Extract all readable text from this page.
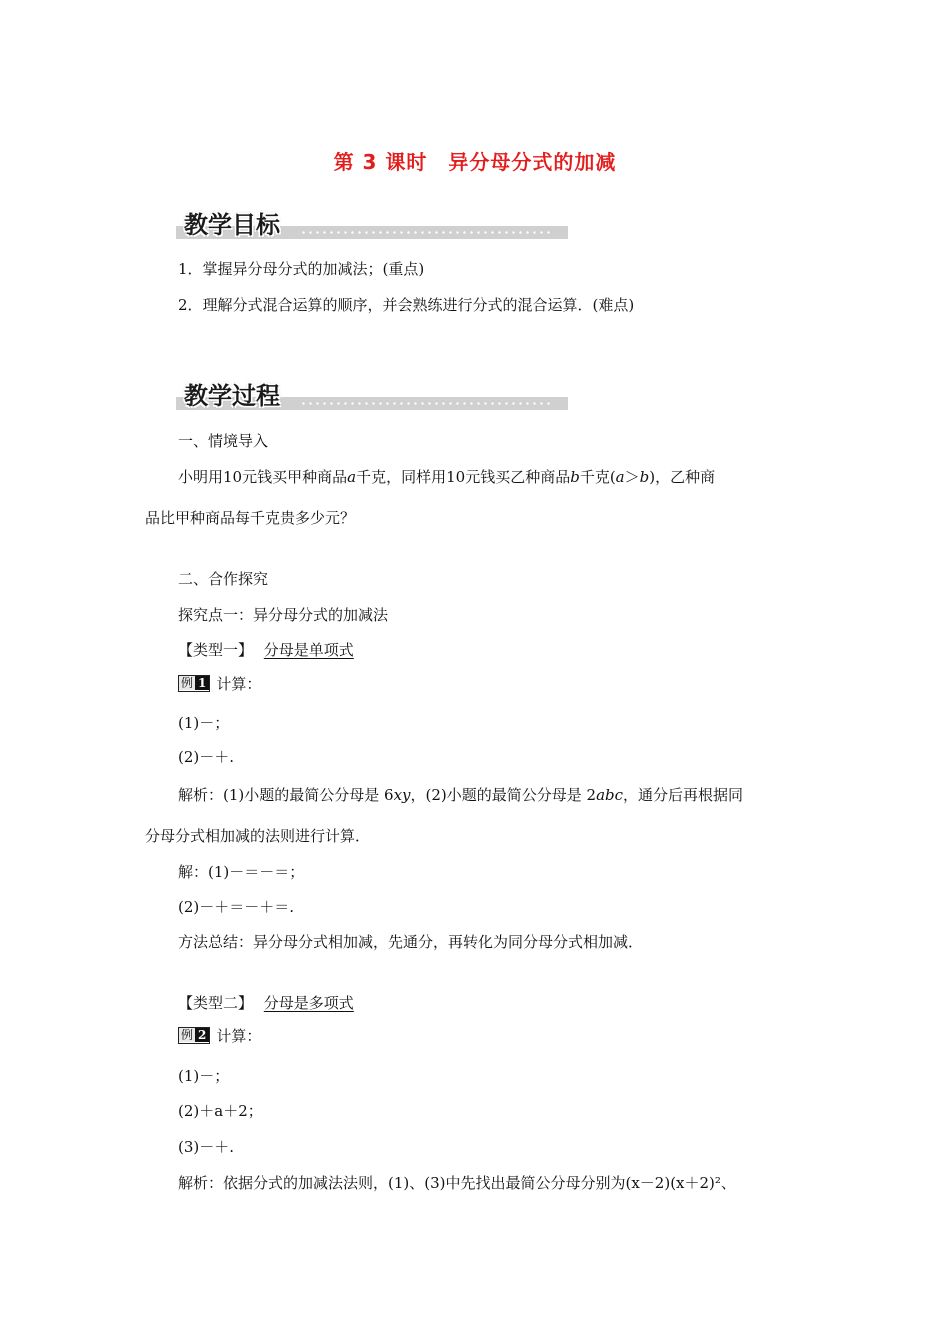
第 3 课时　异分母分式的加减
教学目标
1．掌握异分母分式的加减法；(重点)
2．理解分式混合运算的顺序，并会熟练进行分式的混合运算．(难点)
教学过程
一、情境导入
小明用10元钱买甲种商品a千克，同样用10元钱买乙种商品b千克(a＞b)，乙种商
品比甲种商品每千克贵多少元？
二、合作探究
探究点一：异分母分式的加减法
【类型一】 分母是单项式
例 1 计算：
(1)－；
(2)－＋.
解析：(1)小题的最简公分母是 6xy，(2)小题的最简公分母是 2abc，通分后再根据同
分母分式相加减的法则进行计算．
解：(1)－＝－＝；
(2)－＋＝－＋＝.
方法总结：异分母分式相加减，先通分，再转化为同分母分式相加减．
【类型二】 分母是多项式
例 2 计算：
(1)－；
(2)＋a＋2；
(3)－＋.
解析：依据分式的加减法法则，(1)、(3)中先找出最简公分母分别为(x－2)(x＋2)²、
